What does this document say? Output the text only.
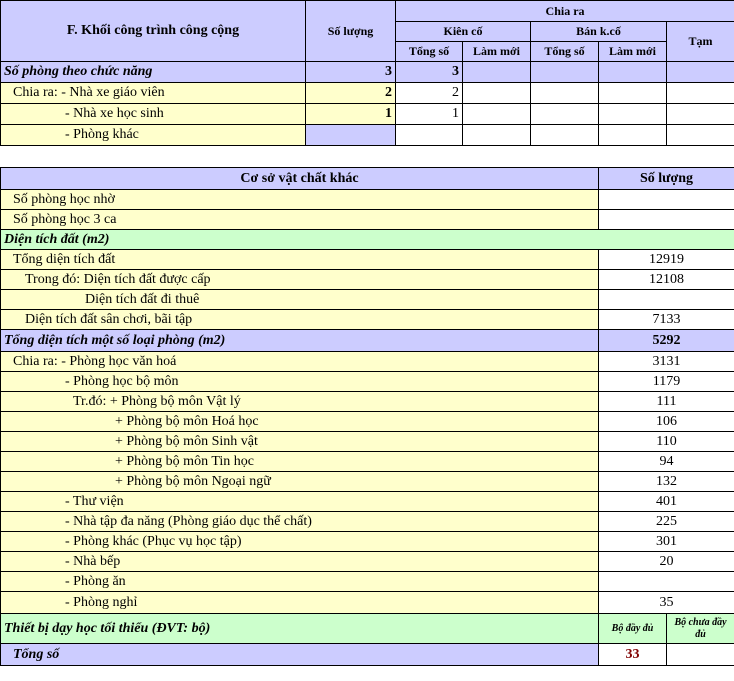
F. Khối công trình công cộng	Số lượng	Chia ra				
		Kiên cố		Bán k.cố		Tạm
		Tổng số	Làm mới	Tổng số	Làm mới	
Số phòng theo chức năng	3	3				
Chia ra: - Nhà xe giáo viên	2	2				
- Nhà xe học sinh	1	1				
- Phòng khác						
Cơ sở vật chất khác	Số lượng	
Số phòng học nhờ		
Số phòng học 3 ca		
Diện tích đất (m2)		
Tổng diện tích đất	12919	
Trong đó: Diện tích đất được cấp	12108	
Diện tích đất đi thuê		
Diện tích đất sân chơi, bãi tập	7133	
Tổng diện tích một số loại phòng (m2)	5292	
Chia ra: - Phòng học văn hoá	3131	
- Phòng học bộ môn	1179	
Tr.đó: + Phòng bộ môn Vật lý	111	
+ Phòng bộ môn Hoá học	106	
+ Phòng bộ môn Sinh vật	110	
+ Phòng bộ môn Tin học	94	
+ Phòng bộ môn Ngoại ngữ	132	
- Thư viện	401	
- Nhà tập đa năng (Phòng giáo dục thể chất)	225	
- Phòng khác (Phục vụ học tập)	301	
- Nhà bếp	20	
- Phòng ăn		
- Phòng nghỉ	35	
Thiết bị dạy học tối thiểu (ĐVT: bộ)	Bộ đầy đủ	Bộ chưa đầy đủ
Tổng số	33	
